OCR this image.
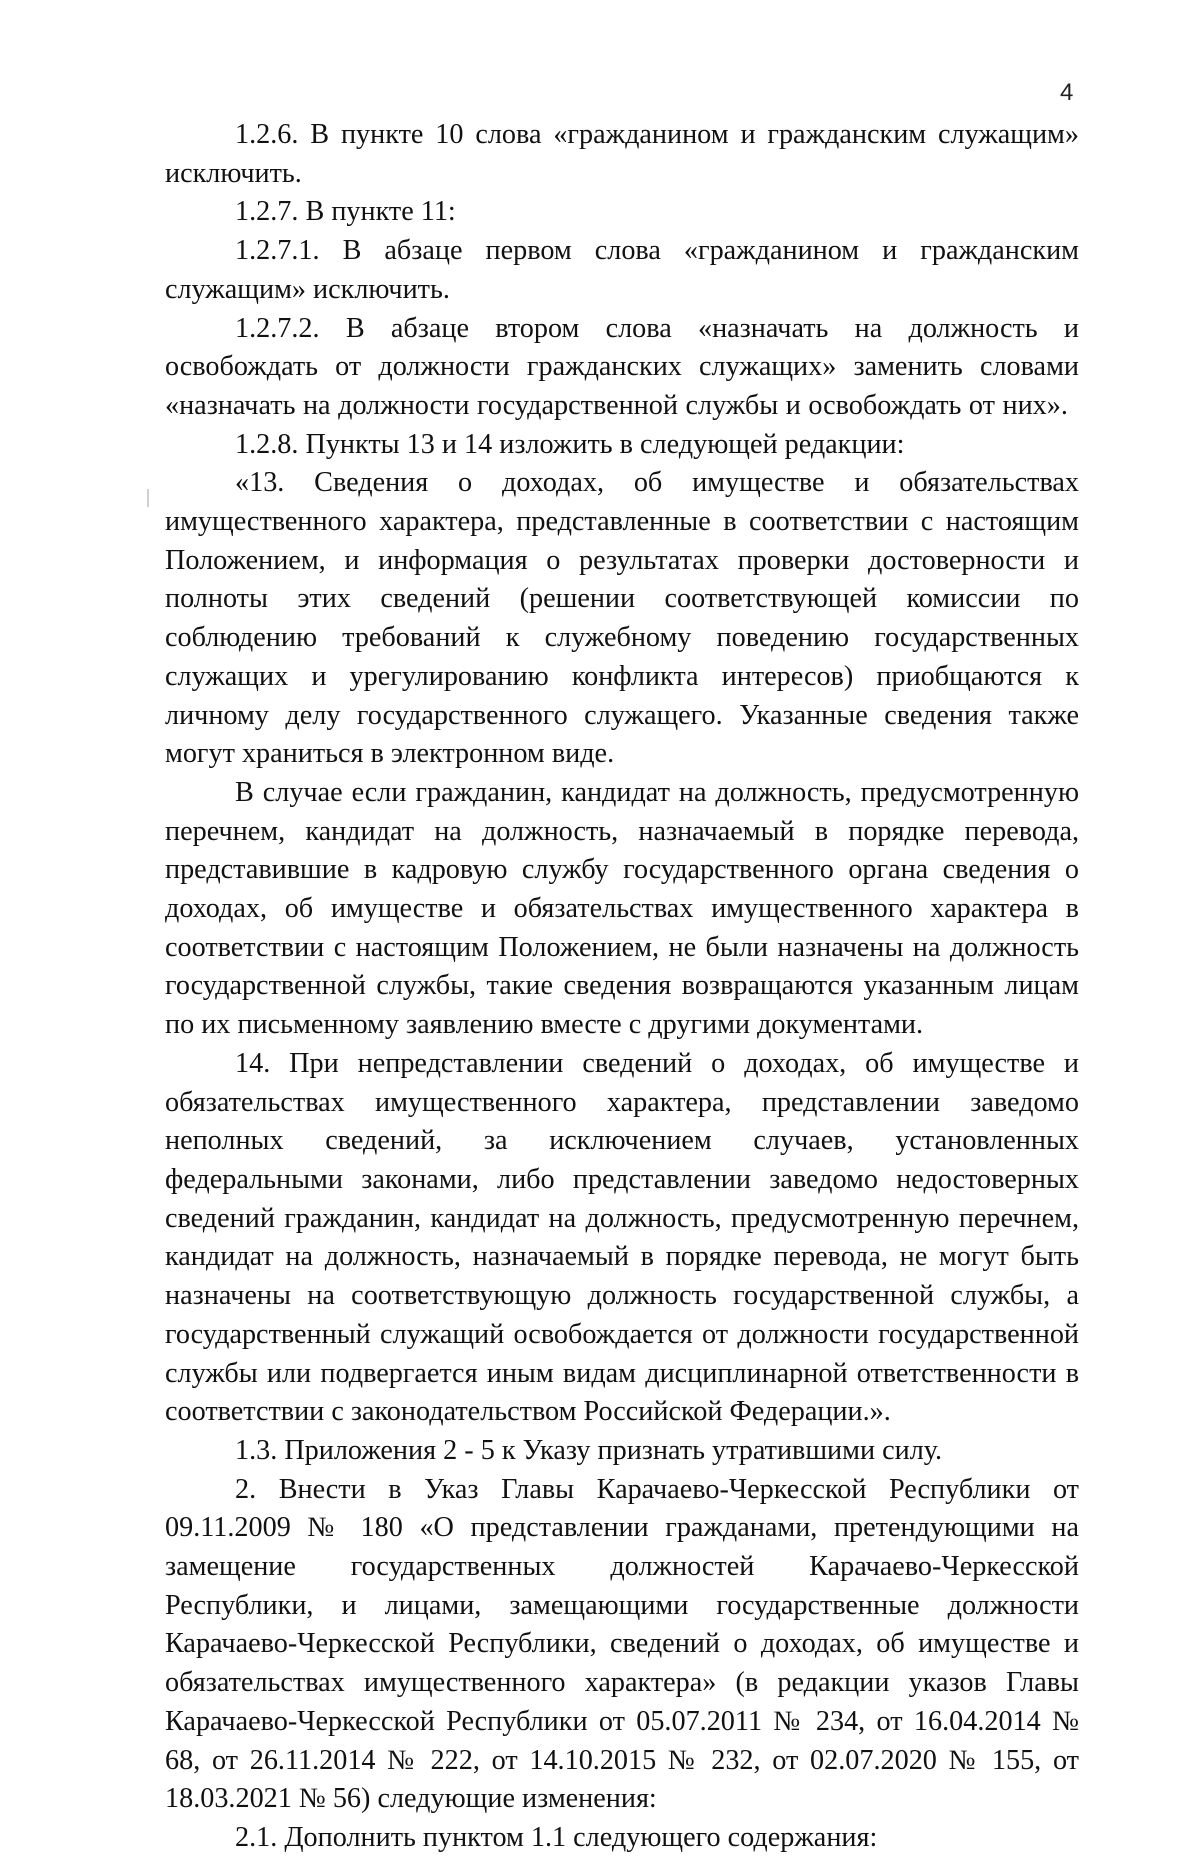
4

1.2.6. В пункте 10 слова «гражданином и гражданским служащим» исключить.

1.2.7. В пункте 11:

1.2.7.1. В абзаце первом слова «гражданином и гражданским служащим» исключить.

1.2.7.2. В абзаце втором слова «назначать на должность и освобождать от должности гражданских служащих» заменить словами «назначать на должности государственной службы и освобождать от них».

1.2.8. Пункты 13 и 14 изложить в следующей редакции:

«13. Сведения о доходах, об имуществе и обязательствах имущественного характера, представленные в соответствии с настоящим Положением, и информация о результатах проверки достоверности и полноты этих сведений (решении соответствующей комиссии по соблюдению требований к служебному поведению государственных служащих и урегулированию конфликта интересов) приобщаются к личному делу государственного служащего. Указанные сведения также могут храниться в электронном виде.

В случае если гражданин, кандидат на должность, предусмотренную перечнем, кандидат на должность, назначаемый в порядке перевода, представившие в кадровую службу государственного органа сведения о доходах, об имуществе и обязательствах имущественного характера в соответствии с настоящим Положением, не были назначены на должность государственной службы, такие сведения возвращаются указанным лицам по их письменному заявлению вместе с другими документами.

14. При непредставлении сведений о доходах, об имуществе и обязательствах имущественного характера, представлении заведомо неполных сведений, за исключением случаев, установленных федеральными законами, либо представлении заведомо недостоверных сведений гражданин, кандидат на должность, предусмотренную перечнем, кандидат на должность, назначаемый в порядке перевода, не могут быть назначены на соответствующую должность государственной службы, а государственный служащий освобождается от должности государственной службы или подвергается иным видам дисциплинарной ответственности в соответствии с законодательством Российской Федерации.».

1.3. Приложения 2 - 5 к Указу признать утратившими силу.

2. Внести в Указ Главы Карачаево-Черкесской Республики от 09.11.2009 № 180 «О представлении гражданами, претендующими на замещение государственных должностей Карачаево-Черкесской Республики, и лицами, замещающими государственные должности Карачаево-Черкесской Республики, сведений о доходах, об имуществе и обязательствах имущественного характера» (в редакции указов Главы Карачаево-Черкесской Республики от 05.07.2011 № 234, от 16.04.2014 № 68, от 26.11.2014 № 222, от 14.10.2015 № 232, от 02.07.2020 № 155, от 18.03.2021 № 56) следующие изменения:

2.1. Дополнить пунктом 1.1 следующего содержания:
